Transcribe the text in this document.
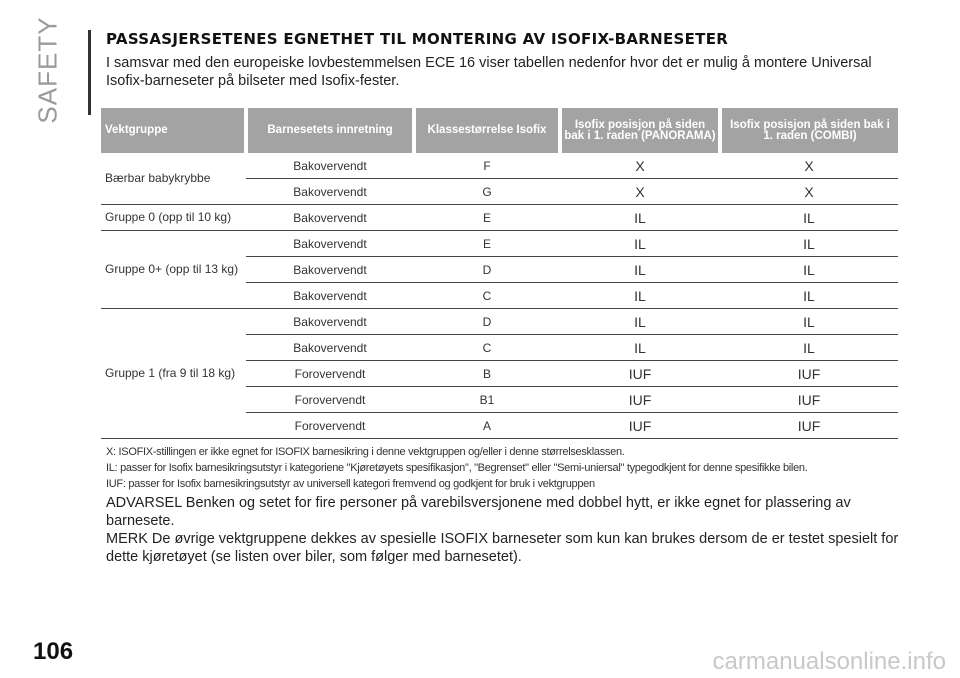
SAFETY
106
PASSASJERSETENES EGNETHET TIL MONTERING AV ISOFIX-BARNESETER

I samsvar med den europeiske lovbestemmelsen ECE 16 viser tabellen nedenfor hvor det er mulig å montere Universal Isofix-barneseter på bilseter med Isofix-fester.

Vektgruppe	Barnesetets innretning	Klassestørrelse Isofix	Isofix posisjon på siden bak i 1. raden (PANORAMA)	Isofix posisjon på siden bak i 1. raden (COMBI)
Bærbar babykrybbe	Bakovervendt	F	X	X
	Bakovervendt	G	X	X
Gruppe 0 (opp til 10 kg)	Bakovervendt	E	IL	IL
Gruppe 0+ (opp til 13 kg)	Bakovervendt	E	IL	IL
	Bakovervendt	D	IL	IL
	Bakovervendt	C	IL	IL
Gruppe 1 (fra 9 til 18 kg)	Bakovervendt	D	IL	IL
	Bakovervendt	C	IL	IL
	Forovervendt	B	IUF	IUF
	Forovervendt	B1	IUF	IUF
	Forovervendt	A	IUF	IUF

X: ISOFIX-stillingen er ikke egnet for ISOFIX barnesikring i denne vektgruppen og/eller i denne størrelsesklassen.

IL: passer for Isofix barnesikringsutstyr i kategoriene "Kjøretøyets spesifikasjon", "Begrenset" eller "Semi-uniersal" typegodkjent for denne spesifikke bilen.

IUF: passer for Isofix barnesikringsutstyr av universell kategori fremvend og godkjent for bruk i vektgruppen

ADVARSEL Benken og setet for fire personer på varebilsversjonene med dobbel hytt, er ikke egnet for plassering av barnesete.

MERK De øvrige vektgruppene dekkes av spesielle ISOFIX barneseter som kun kan brukes dersom de er testet spesielt for dette kjøretøyet (se listen over biler, som følger med barnesetet).

carmanualsonline.info
